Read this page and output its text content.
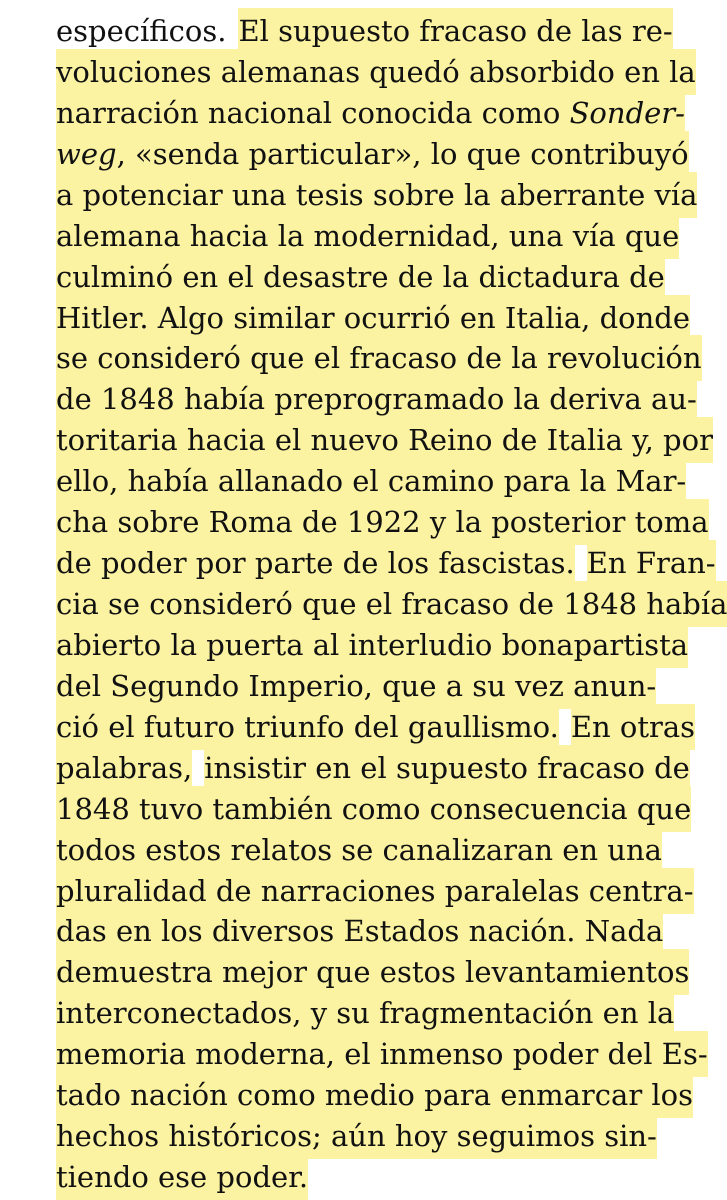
específicos. El supuesto fracaso de las re-
voluciones alemanas quedó absorbido en la
narración nacional conocida como Sonder-
weg, «senda particular», lo que contribuyó
a potenciar una tesis sobre la aberrante vía
alemana hacia la modernidad, una vía que
culminó en el desastre de la dictadura de
Hitler. Algo similar ocurrió en Italia, donde
se consideró que el fracaso de la revolución
de 1848 había preprogramado la deriva au-
toritaria hacia el nuevo Reino de Italia y, por
ello, había allanado el camino para la Mar-
cha sobre Roma de 1922 y la posterior toma
de poder por parte de los fascistas. En Fran-
cia se consideró que el fracaso de 1848 había
abierto la puerta al interludio bonapartista
del Segundo Imperio, que a su vez anun-
ció el futuro triunfo del gaullismo. En otras
palabras, insistir en el supuesto fracaso de
1848 tuvo también como consecuencia que
todos estos relatos se canalizaran en una
pluralidad de narraciones paralelas centra-
das en los diversos Estados nación. Nada
demuestra mejor que estos levantamientos
interconectados, y su fragmentación en la
memoria moderna, el inmenso poder del Es-
tado nación como medio para enmarcar los
hechos históricos; aún hoy seguimos sin-
tiendo ese poder.
